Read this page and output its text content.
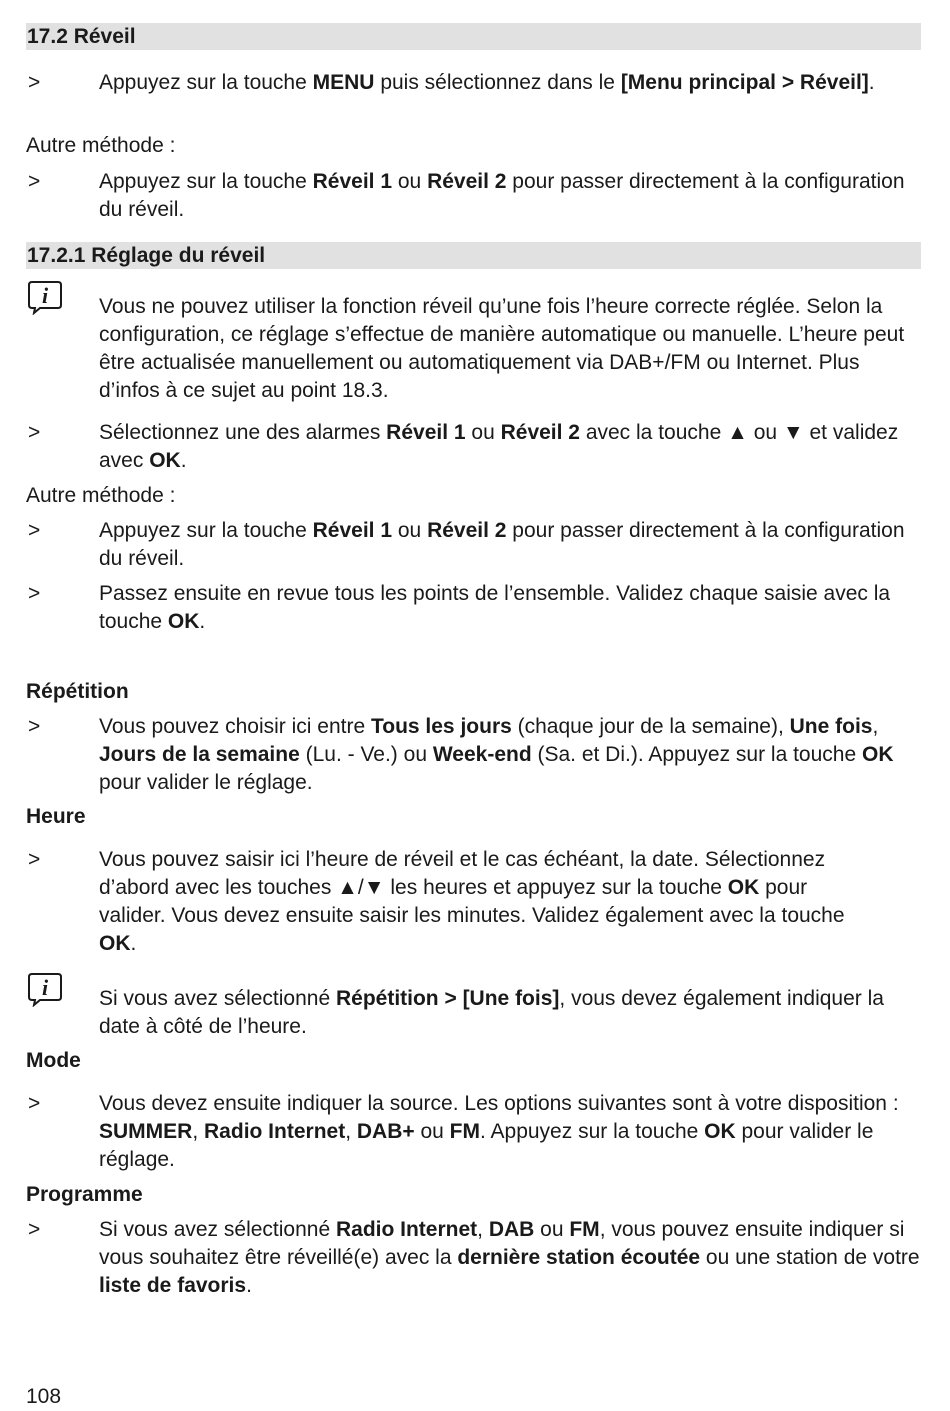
17.2 Réveil
>	Appuyez sur la touche MENU puis sélectionnez dans le [Menu principal > Réveil].
Autre méthode :
>	Appuyez sur la touche Réveil 1 ou Réveil 2 pour passer directement à la configuration du réveil.
17.2.1 Réglage du réveil
i Vous ne pouvez utiliser la fonction réveil qu’une fois l’heure correcte réglée. Selon la configuration, ce réglage s’effectue de manière automatique ou manuelle. L’heure peut être actualisée manuellement ou automatiquement via DAB+/FM ou Internet. Plus d’infos à ce sujet au point 18.3.
>	Sélectionnez une des alarmes Réveil 1 ou Réveil 2 avec la touche ▲ ou ▼ et validez avec OK.
Autre méthode :
>	Appuyez sur la touche Réveil 1 ou Réveil 2 pour passer directement à la configuration du réveil.
>	Passez ensuite en revue tous les points de l’ensemble. Validez chaque saisie avec la touche OK.
Répétition
>	Vous pouvez choisir ici entre Tous les jours (chaque jour de la semaine), Une fois, Jours de la semaine (Lu. - Ve.) ou Week-end (Sa. et Di.). Appuyez sur la touche OK pour valider le réglage.
Heure
>	Vous pouvez saisir ici l’heure de réveil et le cas échéant, la date. Sélectionnez d’abord avec les touches ▲/▼ les heures et appuyez sur la touche OK pour valider. Vous devez ensuite saisir les minutes. Validez également avec la touche OK.
i Si vous avez sélectionné Répétition > [Une fois], vous devez également indiquer la date à côté de l’heure.
Mode
>	Vous devez ensuite indiquer la source. Les options suivantes sont à votre disposition : SUMMER, Radio Internet, DAB+ ou FM. Appuyez sur la touche OK pour valider le réglage.
Programme
>	Si vous avez sélectionné Radio Internet, DAB ou FM, vous pouvez ensuite indiquer si vous souhaitez être réveillé(e) avec la dernière station écoutée ou une station de votre liste de favoris.
108
